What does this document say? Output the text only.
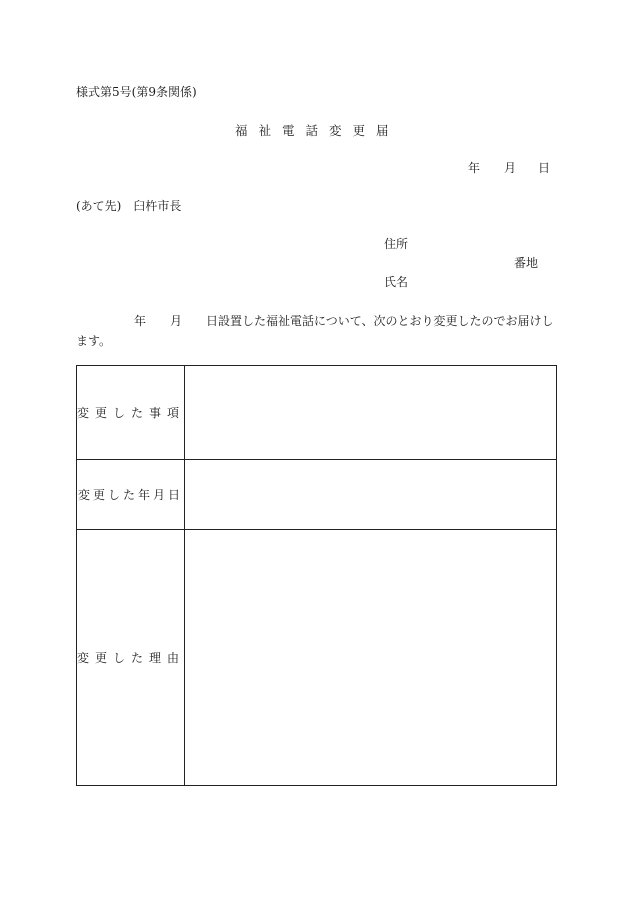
様式第5号(第9条関係)
福祉電話変更届
年 月 日
(あて先)　臼杵市長
住所
番地
氏名
年 月 日設置した福祉電話について、次のとおり変更したのでお届けします。
変更した事項	
変更した年月日	
変更した理由	
